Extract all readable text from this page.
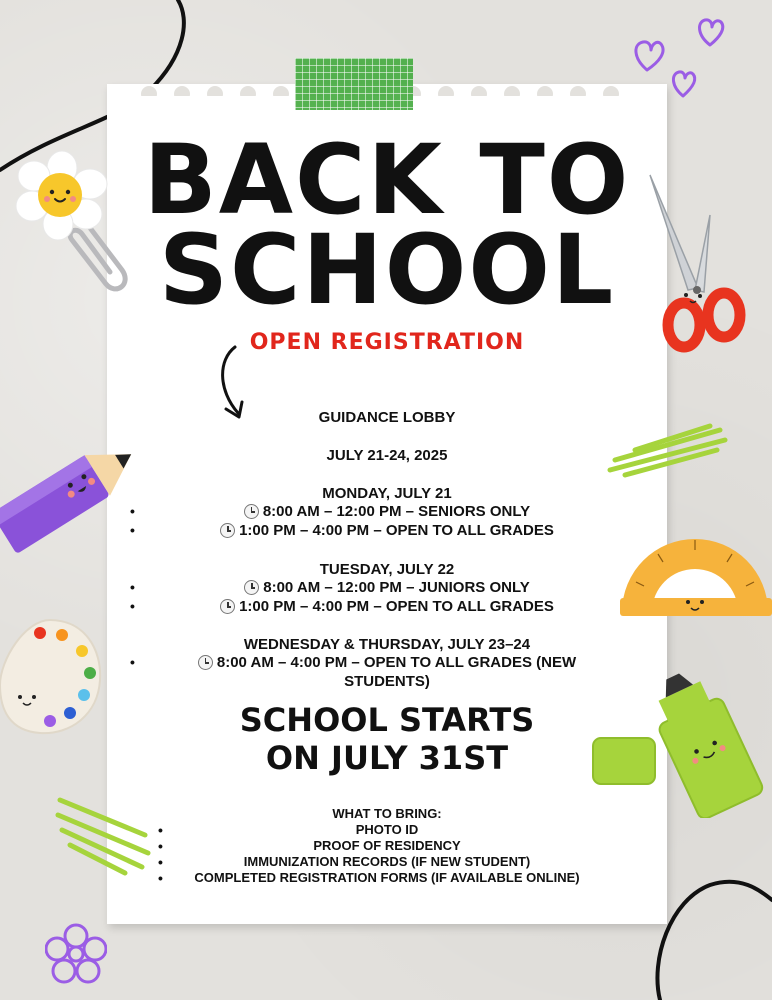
BACK TO
SCHOOL
OPEN REGISTRATION
GUIDANCE LOBBY
JULY 21-24, 2025
MONDAY, JULY 21
•	8:00 AM – 12:00 PM – SENIORS ONLY
•	1:00 PM – 4:00 PM – OPEN TO ALL GRADES
TUESDAY, JULY 22
•	8:00 AM – 12:00 PM – JUNIORS ONLY
•	1:00 PM – 4:00 PM – OPEN TO ALL GRADES
WEDNESDAY & THURSDAY, JULY 23–24
•	8:00 AM – 4:00 PM – OPEN TO ALL GRADES (NEW
STUDENTS)
SCHOOL STARTS
ON JULY 31ST
WHAT TO BRING:
•	PHOTO ID
•	PROOF OF RESIDENCY
•	IMMUNIZATION RECORDS (IF NEW STUDENT)
•	COMPLETED REGISTRATION FORMS (IF AVAILABLE ONLINE)
